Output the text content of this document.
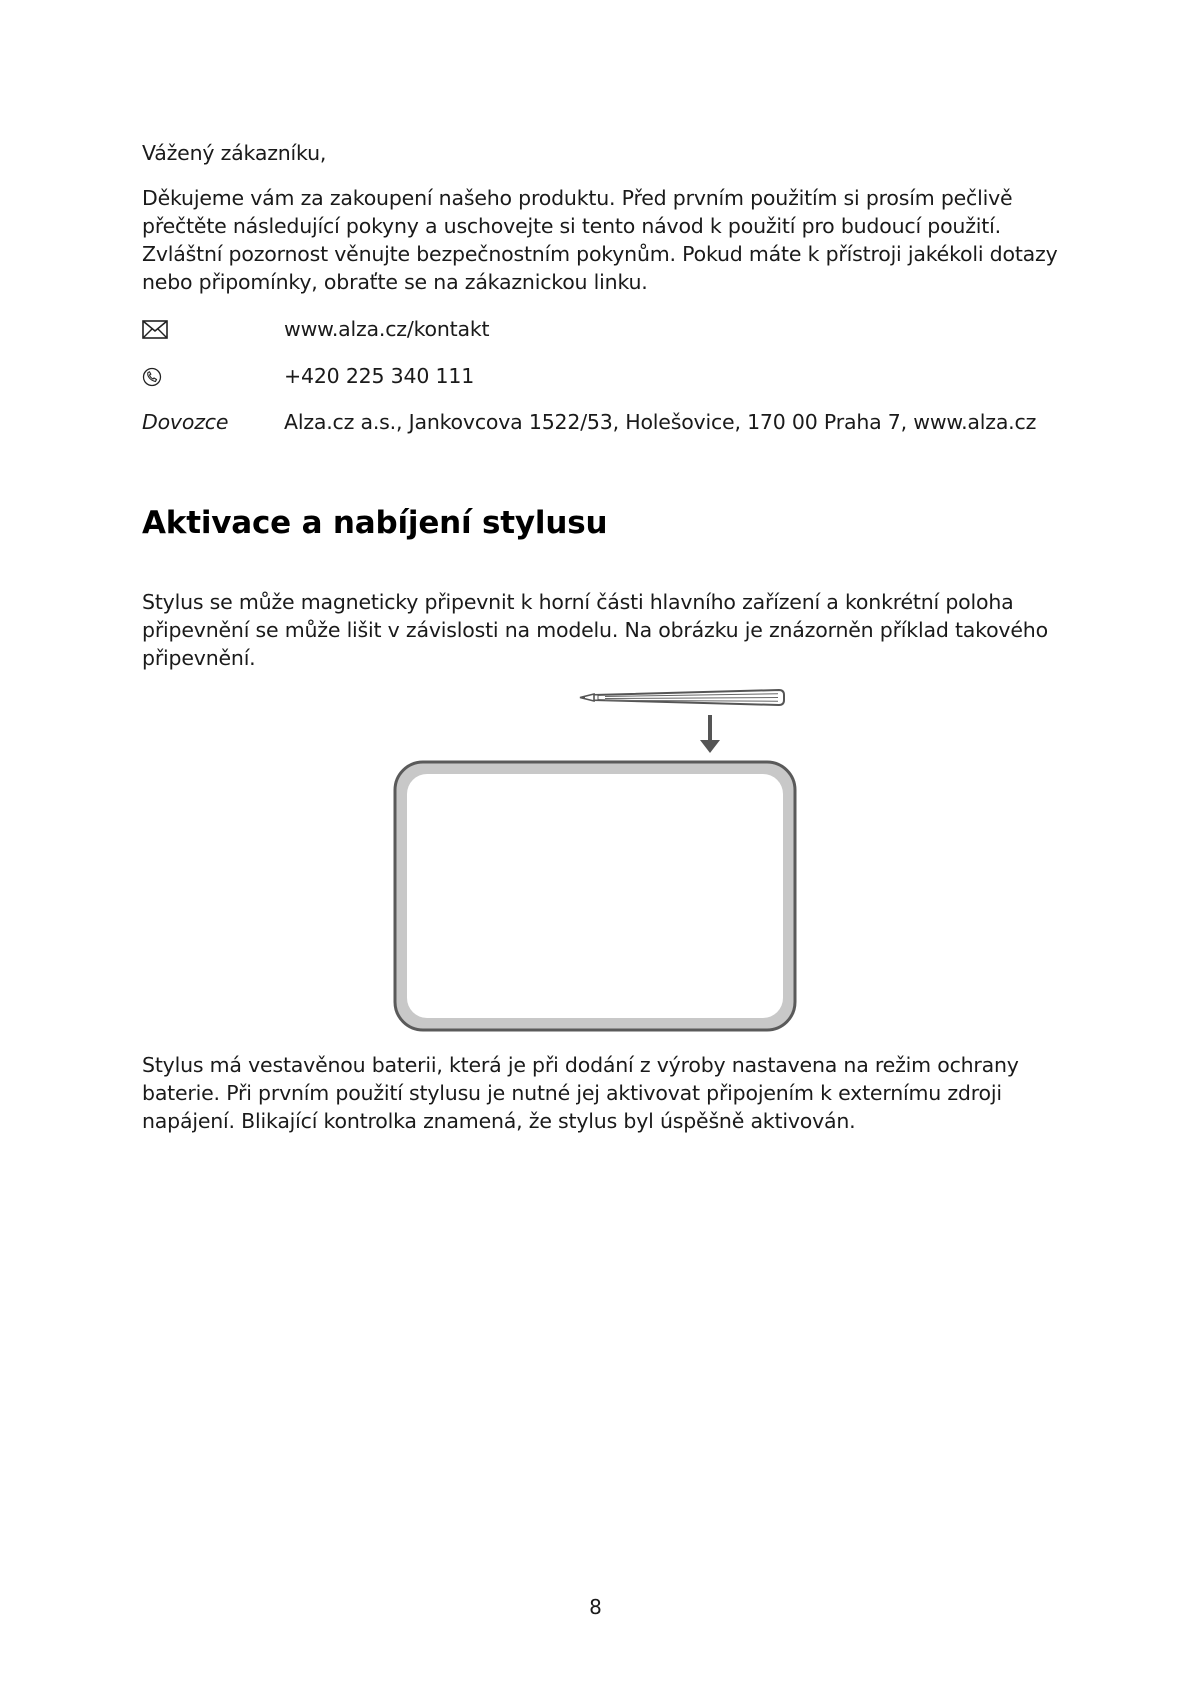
Vážený zákazníku,

Děkujeme vám za zakoupení našeho produktu. Před prvním použitím si prosím pečlivě přečtěte následující pokyny a uschovejte si tento návod k použití pro budoucí použití. Zvláštní pozornost věnujte bezpečnostním pokynům. Pokud máte k přístroji jakékoli dotazy nebo připomínky, obraťte se na zákaznickou linku.

www.alza.cz/kontakt
+420 225 340 111
Dovozce	Alza.cz a.s., Jankovcova 1522/53, Holešovice, 170 00 Praha 7, www.alza.cz
Aktivace a nabíjení stylusu

Stylus se může magneticky připevnit k horní části hlavního zařízení a konkrétní poloha připevnění se může lišit v závislosti na modelu. Na obrázku je znázorněn příklad takového připevnění.

Stylus má vestavěnou baterii, která je při dodání z výroby nastavena na režim ochrany baterie. Při prvním použití stylusu je nutné jej aktivovat připojením k externímu zdroji napájení. Blikající kontrolka znamená, že stylus byl úspěšně aktivován.

8
